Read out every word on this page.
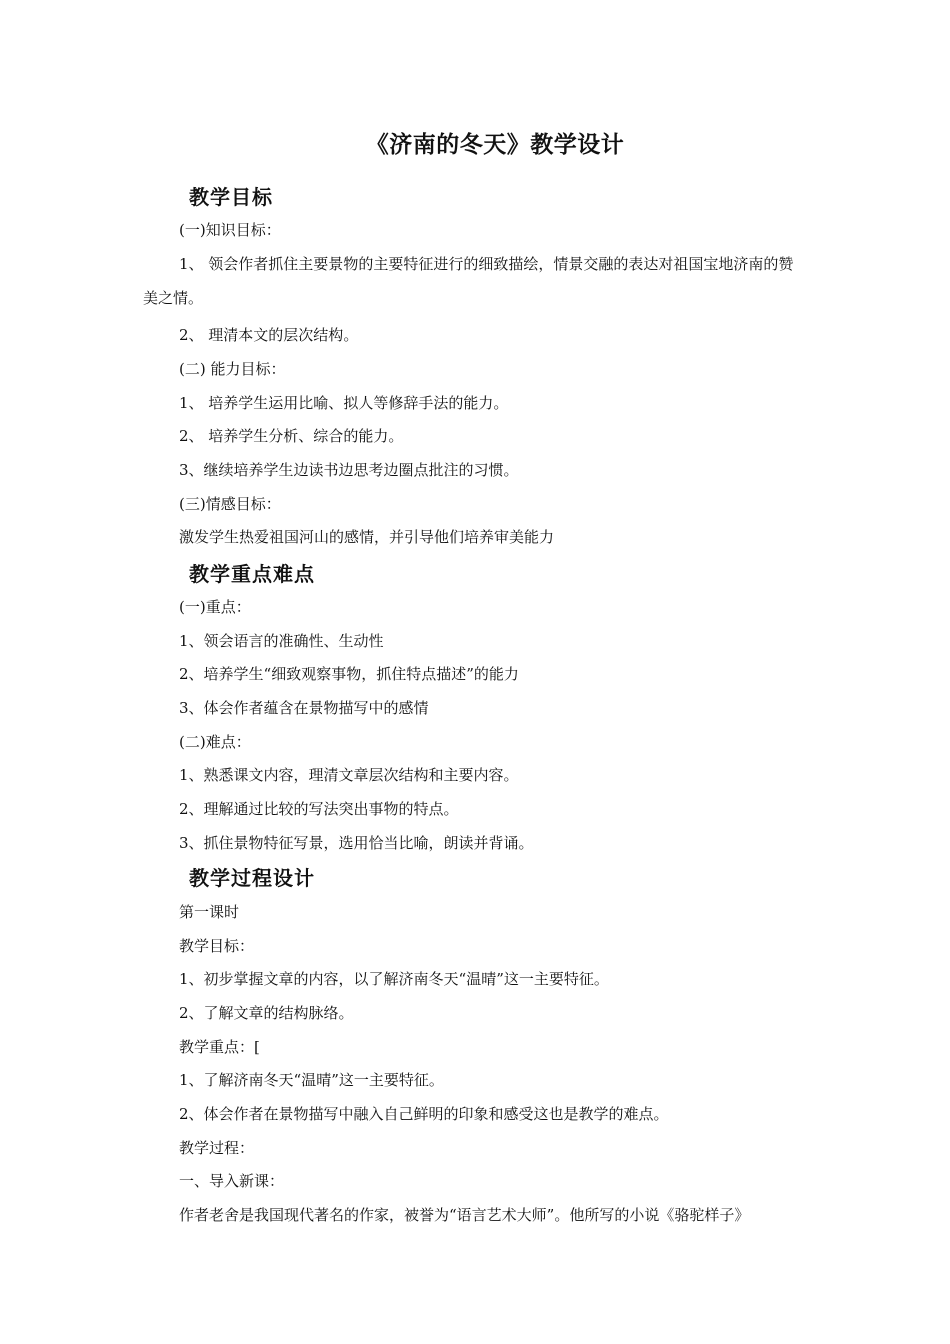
《济南的冬天》教学设计
教学目标
(一)知识目标：
1、 领会作者抓住主要景物的主要特征进行的细致描绘，情景交融的表达对祖国宝地济南的赞美之情。
2、 理清本文的层次结构。
(二) 能力目标：
1、 培养学生运用比喻、拟人等修辞手法的能力。
2、 培养学生分析、综合的能力。
3、继续培养学生边读书边思考边圈点批注的习惯。
(三)情感目标：
激发学生热爱祖国河山的感情，并引导他们培养审美能力
教学重点难点
(一)重点：
1、领会语言的准确性、生动性
2、培养学生“细致观察事物，抓住特点描述”的能力
3、体会作者蕴含在景物描写中的感情
(二)难点：
1、熟悉课文内容，理清文章层次结构和主要内容。
2、理解通过比较的写法突出事物的特点。
3、抓住景物特征写景，选用恰当比喻，朗读并背诵。
教学过程设计
第一课时
教学目标：
1、初步掌握文章的内容，以了解济南冬天“温晴”这一主要特征。
2、了解文章的结构脉络。
教学重点：[
1、了解济南冬天“温晴”这一主要特征。
2、体会作者在景物描写中融入自己鲜明的印象和感受这也是教学的难点。
教学过程：
一、导入新课：
作者老舍是我国现代著名的作家，被誉为“语言艺术大师”。他所写的小说《骆驼样子》
